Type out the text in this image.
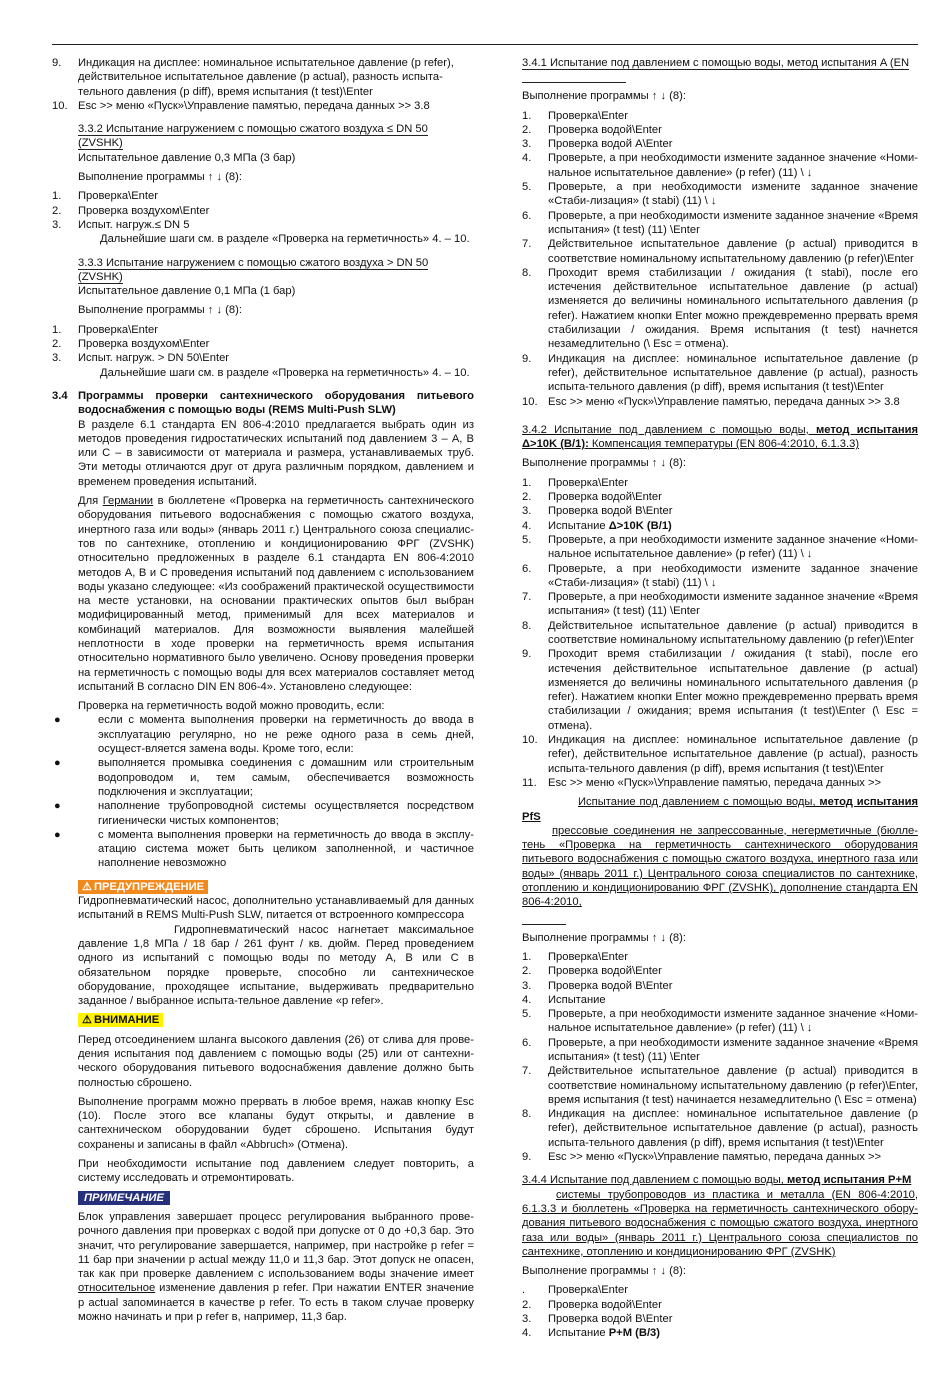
9. Индикация на дисплее: номинальное испытательное давление (p refer), действительное испытательное давление (p actual), разность испыта-тельного давления (p diff), время испытания (t test)\Enter
10. Esc >> меню «Пуск»\Управление памятью, передача данных >> 3.8
3.3.2 Испытание нагружением с помощью сжатого воздуха ≤ DN 50 (ZVSHK)
Испытательное давление 0,3 МПа (3 бар)
Выполнение программы ↑ ↓ (8):
1. Проверка\Enter
2. Проверка воздухом\Enter
3. Испыт. нагруж.≤ DN 5
Дальнейшие шаги см. в разделе «Проверка на герметичность» 4. – 10.
3.3.3 Испытание нагружением с помощью сжатого воздуха > DN 50 (ZVSHK)
Испытательное давление 0,1 МПа (1 бар)
Выполнение программы ↑ ↓ (8):
1. Проверка\Enter
2. Проверка воздухом\Enter
3. Испыт. нагруж. > DN 50\Enter
Дальнейшие шаги см. в разделе «Проверка на герметичность» 4. – 10.
3.4 Программы проверки сантехнического оборудования питьевого водоснабжения с помощью воды (REMS Multi-Push SLW)
В разделе 6.1 стандарта EN 806-4:2010 предлагается выбрать один из методов проведения гидростатических испытаний под давлением 3 – A, B или C – в зависимости от материала и размера, устанавливаемых труб. Эти методы отличаются друг от друга различным порядком, давлением и временем проведения испытаний.
Для Германии в бюллетене «Проверка на герметичность сантехнического оборудования питьевого водоснабжения с помощью сжатого воздуха, инертного газа или воды» (январь 2011 г.) Центрального союза специалис-тов по сантехнике, отоплению и кондиционированию ФРГ (ZVSHK) относительно предложенных в разделе 6.1 стандарта EN 806-4:2010 методов A, B и C проведения испытаний под давлением с использованием воды указано следующее: «Из соображений практической осуществимости на месте установки, на основании практических опытов был выбран модифицированный метод, применимый для всех материалов и комбинаций материалов. Для возможности выявления малейшей неплотности в ходе проверки на герметичность время испытания относительно нормативного было увеличено. Основу проведения проверки на герметичность с помощью воды для всех материалов составляет метод испытаний B согласно DIN EN 806-4». Установлено следующее:
Проверка на герметичность водой можно проводить, если:
●	если с момента выполнения проверки на герметичность до ввода в эксплуатацию регулярно, но не реже одного раза в семь дней, осущест-вляется замена воды. Кроме того, если:
●	выполняется промывка соединения с домашним или строительным водопроводом и, тем самым, обеспечивается возможность подключения и эксплуатации;
●	наполнение трубопроводной системы осуществляется посредством гигиенически чистых компонентов;
●	с момента выполнения проверки на герметичность до ввода в эксплу-атацию система может быть целиком заполненной, и частичное наполнение невозможно
⚠ ПРЕДУПРЕЖДЕНИЕ
Гидропневматический насос, дополнительно устанавливаемый для данных испытаний в REMS Multi-Push SLW, питается от встроенного компрессора
Гидропневматический насос нагнетает максимальное давление 1,8 МПа / 18 бар / 261 фунт / кв. дюйм. Перед проведением одного из испытаний с помощью воды по методу A, B или C в обязательном порядке проверьте, способно ли сантехническое оборудование, проходящее испытание, выдерживать предварительно заданное / выбранное испыта-тельное давление «p refer».
⚠ ВНИМАНИЕ
Перед отсоединением шланга высокого давления (26) от слива для прове-дения испытания под давлением с помощью воды (25) или от сантехни-ческого оборудования питьевого водоснабжения давление должно быть полностью сброшено.
Выполнение программ можно прервать в любое время, нажав кнопку Esc (10). После этого все клапаны будут открыты, и давление в сантехническом оборудовании будет сброшено. Испытания будут сохранены и записаны в файл «Abbruch» (Отмена).
При необходимости испытание под давлением следует повторить, а систему исследовать и отремонтировать.
ПРИМЕЧАНИЕ
Блок управления завершает процесс регулирования выбранного прове-рочного давления при проверках с водой при допуске от 0 до +0,3 бар. Это значит, что регулирование завершается, например, при настройке p refer = 11 бар при значении p actual между 11,0 и 11,3 бар. Этот допуск не опасен, так как при проверке давлением с использованием воды значение имеет относительное изменение давления p refer. При нажатии ENTER значение p actual запоминается в качестве p refer. То есть в таком случае проверку можно начинать и при p refer в, например, 11,3 бар.
3.4.1 Испытание под давлением с помощью воды, метод испытания A (EN
Выполнение программы ↑ ↓ (8):
1. Проверка\Enter
2. Проверка водой\Enter
3. Проверка водой A\Enter
4. Проверьте, а при необходимости измените заданное значение «Номи-нальное испытательное давление» (p refer) (11) \ ↓
5. Проверьте, а при необходимости измените заданное значение «Стаби-лизация» (t stabi) (11) \ ↓
6. Проверьте, а при необходимости измените заданное значение «Время испытания» (t test) (11) \Enter
7. Действительное испытательное давление (p actual) приводится в соответствие номинальному испытательному давлению (p refer)\Enter
8. Проходит время стабилизации / ожидания (t stabi), после его истечения действительное испытательное давление (p actual) изменяется до величины номинального испытательного давления (p refer). Нажатием кнопки Enter можно преждевременно прервать время стабилизации / ожидания. Время испытания (t test) начнется незамедлительно (\ Esc = отмена).
9. Индикация на дисплее: номинальное испытательное давление (p refer), действительное испытательное давление (p actual), разность испыта-тельного давления (p diff), время испытания (t test)\Enter
10. Esc >> меню «Пуск»\Управление памятью, передача данных >> 3.8
3.4.2 Испытание под давлением с помощью воды, метод испытания Δ>10K (B/1): Компенсация температуры (EN 806-4:2010, 6.1.3.3)
Выполнение программы ↑ ↓ (8):
1. Проверка\Enter
2. Проверка водой\Enter
3. Проверка водой B\Enter
4. Испытание Δ>10K (B/1)
5. Проверьте, а при необходимости измените заданное значение «Номи-нальное испытательное давление» (p refer) (11) \ ↓
6. Проверьте, а при необходимости измените заданное значение «Стаби-лизация» (t stabi) (11) \ ↓
7. Проверьте, а при необходимости измените заданное значение «Время испытания» (t test) (11) \Enter
8. Действительное испытательное давление (p actual) приводится в соответствие номинальному испытательному давлению (p refer)\Enter
9. Проходит время стабилизации / ожидания (t stabi), после его истечения действительное испытательное давление (p actual) изменяется до величины номинального испытательного давления (p refer). Нажатием кнопки Enter можно преждевременно прервать время стабилизации / ожидания; время испытания (t test)\Enter (\ Esc = отмена).
10. Индикация на дисплее: номинальное испытательное давление (p refer), действительное испытательное давление (p actual), разность испыта-тельного давления (p diff), время испытания (t test)\Enter
11. Esc >> меню «Пуск»\Управление памятью, передача данных >>
Испытание под давлением с помощью воды, метод испытания PfS
прессовые соединения не запрессованные, негерметичные (бюлле-тень «Проверка на герметичность сантехнического оборудования питьевого водоснабжения с помощью сжатого воздуха, инертного газа или воды» (январь 2011 г.) Центрального союза специалистов по сантехнике, отоплению и кондиционированию ФРГ (ZVSHK), дополнение стандарта EN 806-4:2010,
Выполнение программы ↑ ↓ (8):
1. Проверка\Enter
2. Проверка водой\Enter
3. Проверка водой B\Enter
4. Испытание
5. Проверьте, а при необходимости измените заданное значение «Номи-нальное испытательное давление» (p refer) (11) \ ↓
6. Проверьте, а при необходимости измените заданное значение «Время испытания» (t test) (11) \Enter
7. Действительное испытательное давление (p actual) приводится в соответствие номинальному испытательному давлению (p refer)\Enter, время испытания (t test) начинается незамедлительно (\ Esc = отмена)
8. Индикация на дисплее: номинальное испытательное давление (p refer), действительное испытательное давление (p actual), разность испыта-тельного давления (p diff), время испытания (t test)\Enter
9. Esc >> меню «Пуск»\Управление памятью, передача данных >>
3.4.4 Испытание под давлением с помощью воды, метод испытания P+M
системы трубопроводов из пластика и металла (EN 806-4:2010, 6.1.3.3 и бюллетень «Проверка на герметичность сантехнического обору-дования питьевого водоснабжения с помощью сжатого воздуха, инертного газа или воды» (январь 2011 г.) Центрального союза специалистов по сантехнике, отоплению и кондиционированию ФРГ (ZVSHK)
Выполнение программы ↑ ↓ (8):
. Проверка\Enter
2. Проверка водой\Enter
3. Проверка водой B\Enter
4. Испытание P+M (B/3)
